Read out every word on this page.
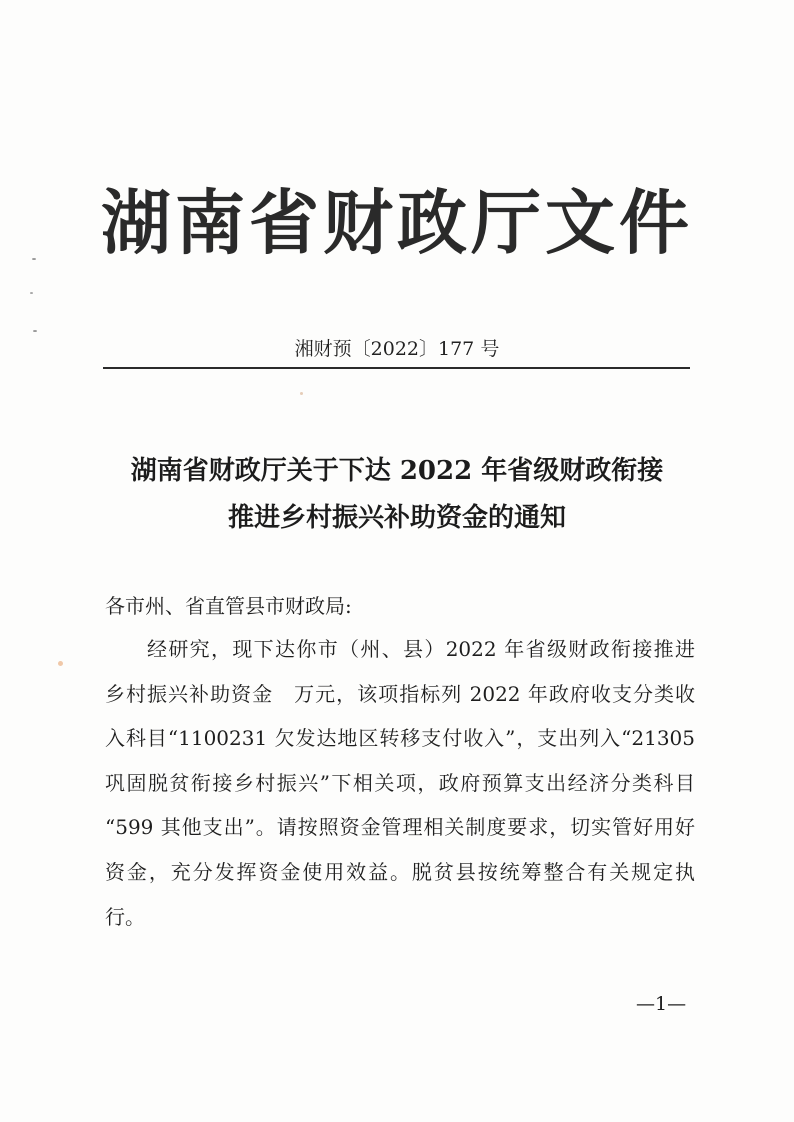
湖南省财政厅文件
湘财预〔2022〕177 号
湖南省财政厅关于下达 2022 年省级财政衔接
推进乡村振兴补助资金的通知
各市州、省直管县市财政局:
经研究，现下达你市（州、县）2022 年省级财政衔接推进
乡村振兴补助资金　万元，该项指标列 2022 年政府收支分类收
入科目“1100231 欠发达地区转移支付收入”，支出列入“21305
巩固脱贫衔接乡村振兴”下相关项，政府预算支出经济分类科目
“599 其他支出”。请按照资金管理相关制度要求，切实管好用好
资金，充分发挥资金使用效益。脱贫县按统筹整合有关规定执
行。
—1—
